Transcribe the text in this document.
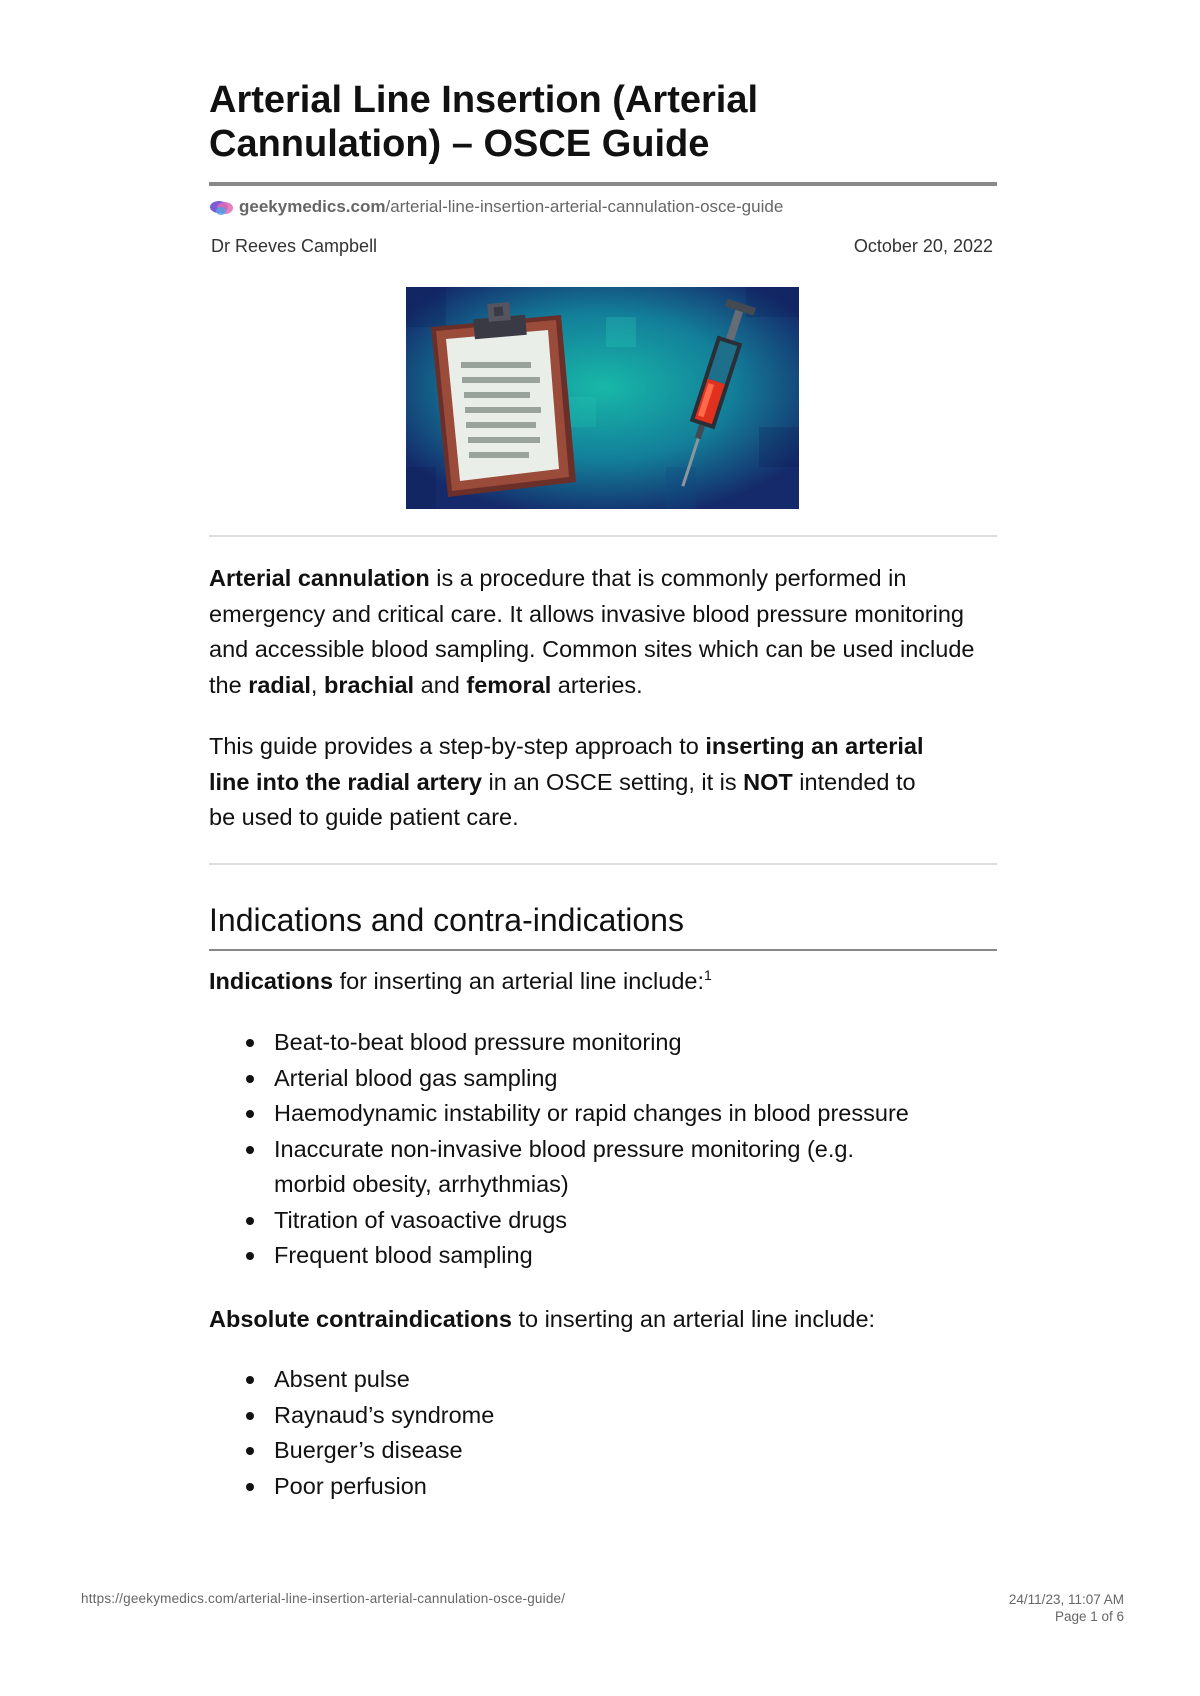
Arterial Line Insertion (Arterial Cannulation) – OSCE Guide
geekymedics.com/arterial-line-insertion-arterial-cannulation-osce-guide
Dr Reeves Campbell	October 20, 2022

Arterial cannulation is a procedure that is commonly performed in emergency and critical care. It allows invasive blood pressure monitoring and accessible blood sampling. Common sites which can be used include the radial, brachial and femoral arteries.

This guide provides a step-by-step approach to inserting an arterial line into the radial artery in an OSCE setting, it is NOT intended to be used to guide patient care.

Indications and contra-indications

Indications for inserting an arterial line include:$^1$

Beat-to-beat blood pressure monitoring
Arterial blood gas sampling
Haemodynamic instability or rapid changes in blood pressure
Inaccurate non-invasive blood pressure monitoring (e.g. morbid obesity, arrhythmias)
Titration of vasoactive drugs
Frequent blood sampling

Absolute contraindications to inserting an arterial line include:

Absent pulse
Raynaud’s syndrome
Buerger’s disease
Poor perfusion
https://geekymedics.com/arterial-line-insertion-arterial-cannulation-osce-guide/	24/11/23, 11:07 AM
Page 1 of 6
